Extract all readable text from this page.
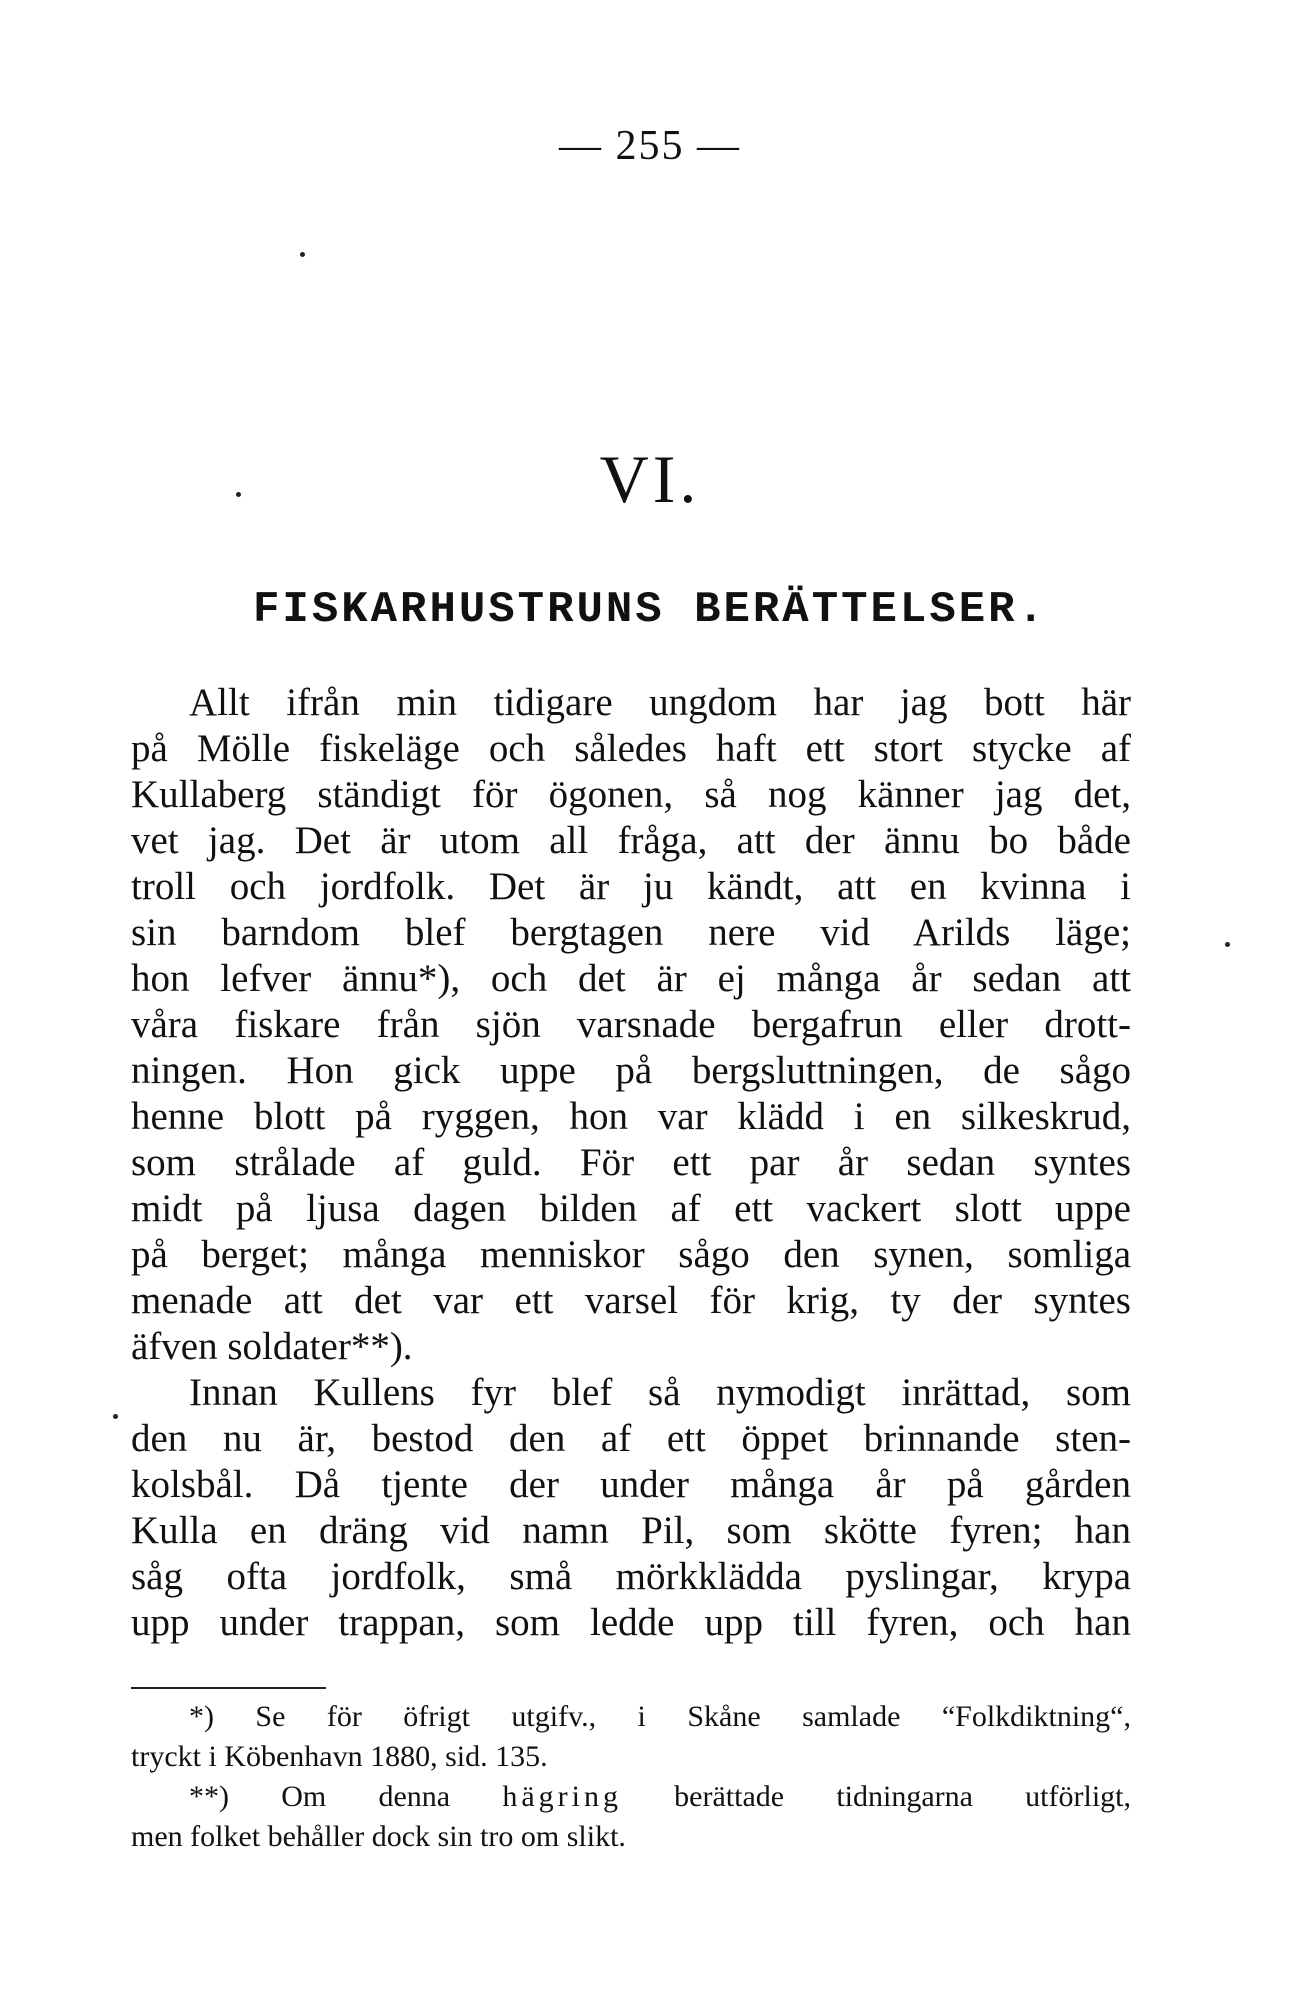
— 255 —
VI.
FISKARHUSTRUNS BERÄTTELSER.
Allt ifrån min tidigare ungdom har jag bott här
på Mölle fiskeläge och således haft ett stort stycke af
Kullaberg ständigt för ögonen, så nog känner jag det,
vet jag. Det är utom all fråga, att der ännu bo både
troll och jordfolk. Det är ju kändt, att en kvinna i
sin barndom blef bergtagen nere vid Arilds läge;
hon lefver ännu*), och det är ej många år sedan att
våra fiskare från sjön varsnade bergafrun eller drott-
ningen. Hon gick uppe på bergsluttningen, de sågo
henne blott på ryggen, hon var klädd i en silkeskrud,
som strålade af guld. För ett par år sedan syntes
midt på ljusa dagen bilden af ett vackert slott uppe
på berget; många menniskor sågo den synen, somliga
menade att det var ett varsel för krig, ty der syntes
äfven soldater**).
Innan Kullens fyr blef så nymodigt inrättad, som
den nu är, bestod den af ett öppet brinnande sten-
kolsbål. Då tjente der under många år på gården
Kulla en dräng vid namn Pil, som skötte fyren; han
såg ofta jordfolk, små mörkklädda pyslingar, krypa
upp under trappan, som ledde upp till fyren, och han
*) Se för öfrigt utgifv., i Skåne samlade “Folkdiktning“,
tryckt i Köbenhavn 1880, sid. 135.
**) Om denna hägring berättade tidningarna utförligt,
men folket behåller dock sin tro om slikt.
